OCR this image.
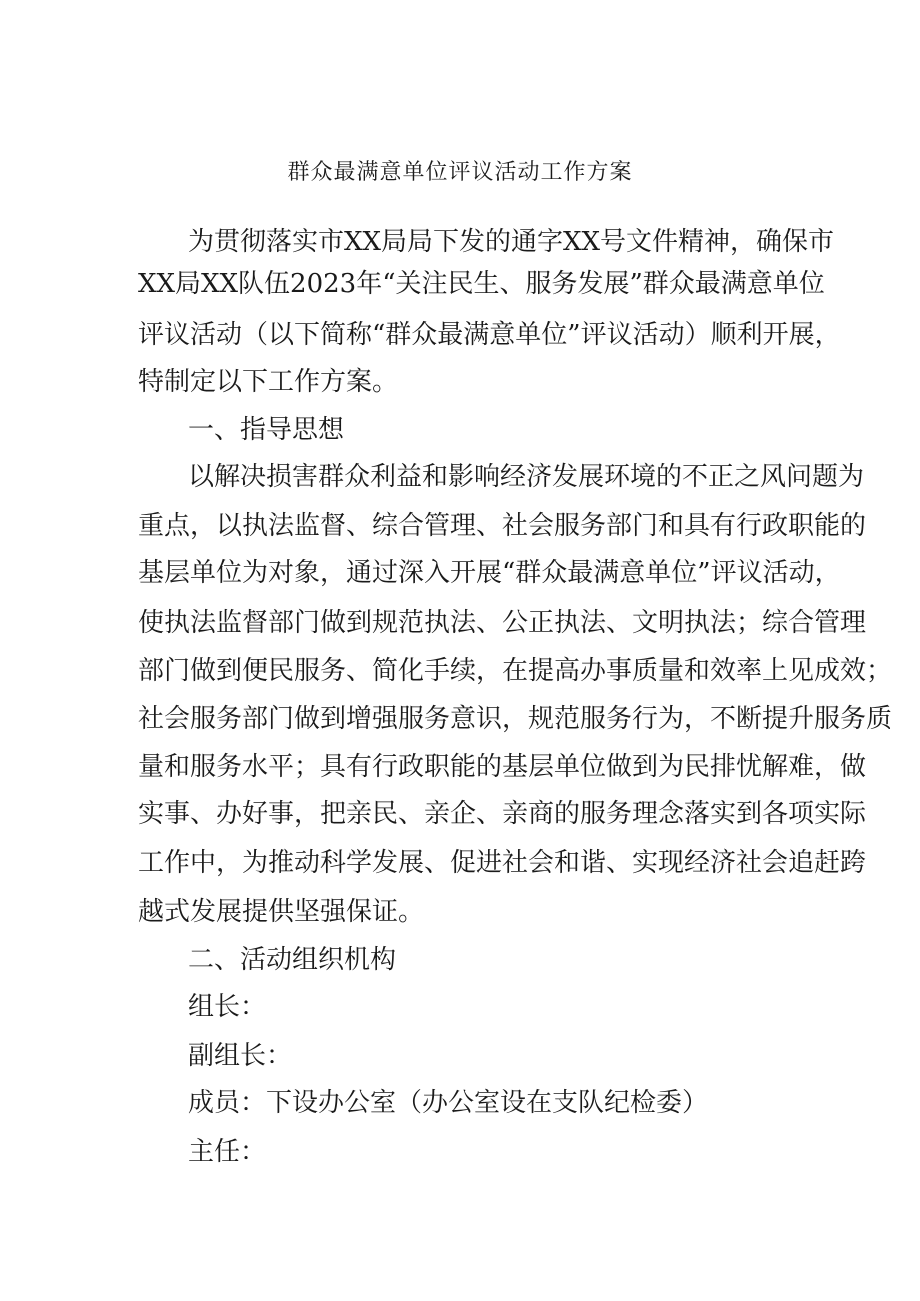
群众最满意单位评议活动工作方案
为贯彻落实市XX局局下发的通字XX号文件精神，确保市
XX局XX队伍2023年“关注民生、服务发展”群众最满意单位
评议活动（以下简称“群众最满意单位”评议活动）顺利开展，
特制定以下工作方案。
一、指导思想
以解决损害群众利益和影响经济发展环境的不正之风问题为
重点，以执法监督、综合管理、社会服务部门和具有行政职能的
基层单位为对象，通过深入开展“群众最满意单位”评议活动，
使执法监督部门做到规范执法、公正执法、文明执法；综合管理
部门做到便民服务、简化手续，在提高办事质量和效率上见成效；
社会服务部门做到增强服务意识，规范服务行为，不断提升服务质
量和服务水平；具有行政职能的基层单位做到为民排忧解难，做
实事、办好事，把亲民、亲企、亲商的服务理念落实到各项实际
工作中，为推动科学发展、促进社会和谐、实现经济社会追赶跨
越式发展提供坚强保证。
二、活动组织机构
组长：
副组长：
成员：下设办公室（办公室设在支队纪检委）
主任：
